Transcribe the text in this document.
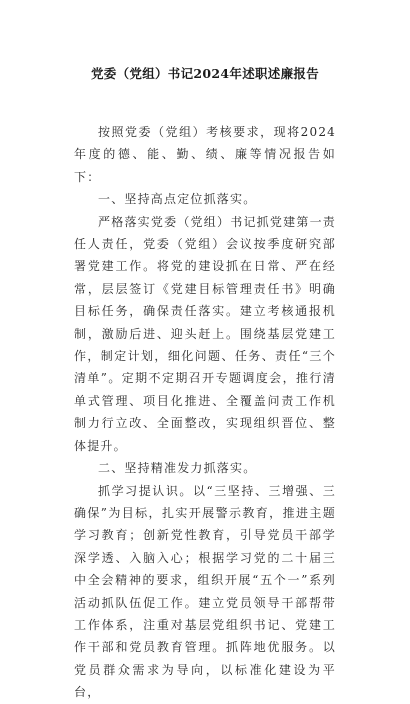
党委（党组）书记2024年述职述廉报告

按照党委（党组）考核要求，现将2024年度的德、能、勤、绩、廉等情况报告如下：

一、坚持高点定位抓落实。

严格落实党委（党组）书记抓党建第一责任人责任，党委（党组）会议按季度研究部署党建工作。将党的建设抓在日常、严在经常，层层签订《党建目标管理责任书》明确目标任务，确保责任落实。建立考核通报机制，激励后进、迎头赶上。围绕基层党建工作，制定计划，细化问题、任务、责任“三个清单”。定期不定期召开专题调度会，推行清单式管理、项目化推进、全覆盖问责工作机制力行立改、全面整改，实现组织晋位、整体提升。

二、坚持精准发力抓落实。

抓学习提认识。以“三坚持、三增强、三确保”为目标，扎实开展警示教育，推进主题学习教育；创新党性教育，引导党员干部学深学透、入脑入心；根据学习党的二十届三中全会精神的要求，组织开展“五个一”系列活动抓队伍促工作。建立党员领导干部帮带工作体系，注重对基层党组织书记、党建工作干部和党员教育管理。抓阵地优服务。以党员群众需求为导向，以标准化建设为平台，
